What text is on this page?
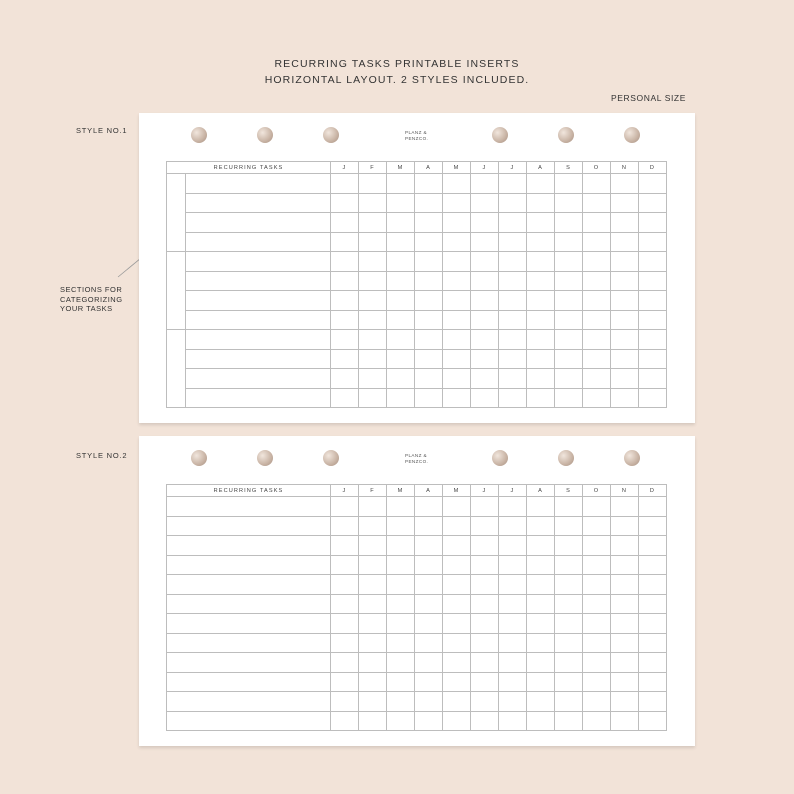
RECURRING TASKS PRINTABLE INSERTS
HORIZONTAL LAYOUT. 2 STYLES INCLUDED.
PERSONAL SIZE
STYLE NO.1
STYLE NO.2
SECTIONS FOR
CATEGORIZING
YOUR TASKS
PLANZ &
PENZCO.
RECURRING TASKS		J	F	M	A	M	J	J	A	S	O	N	D

PLANZ &
PENZCO.
RECURRING TASKS	J	F	M	A	M	J	J	A	S	O	N	D
